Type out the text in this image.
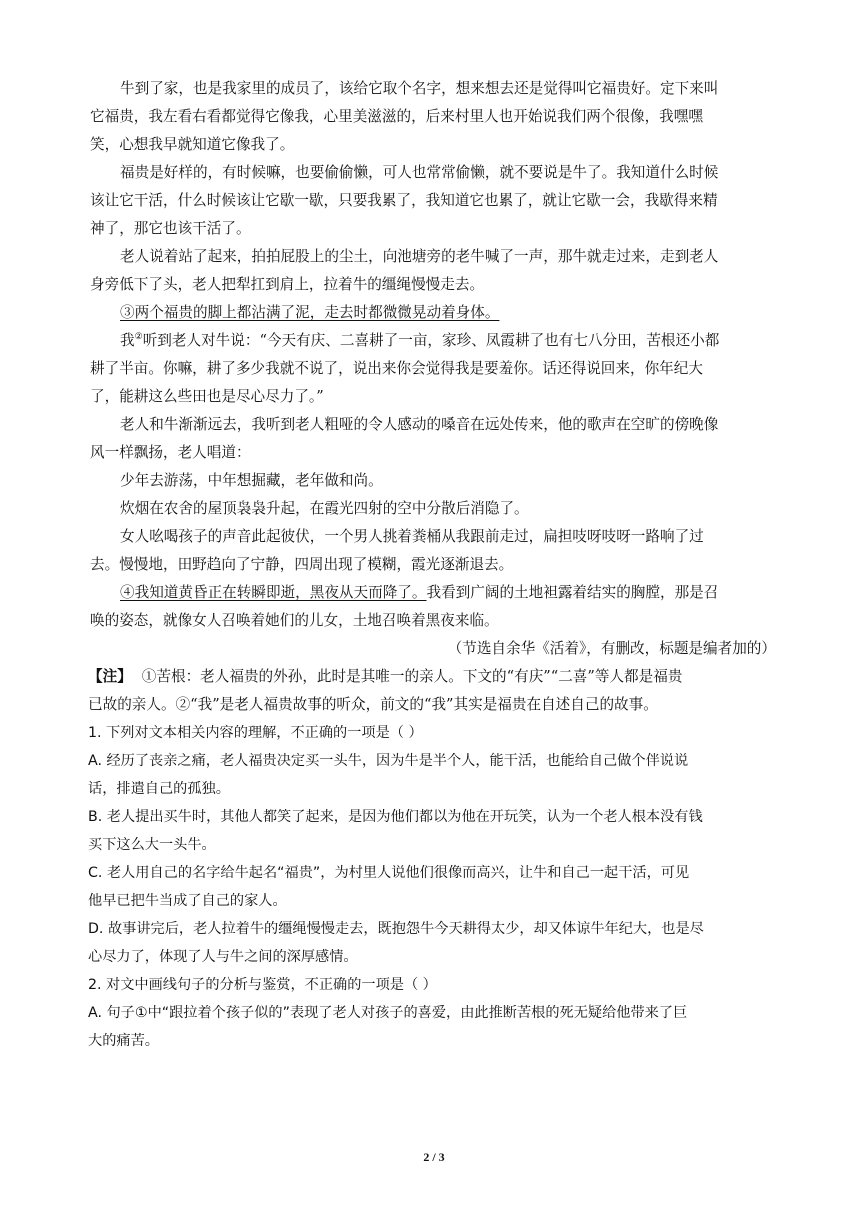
牛到了家，也是我家里的成员了，该给它取个名字，想来想去还是觉得叫它福贵好。定下来叫
它福贵，我左看右看都觉得它像我，心里美滋滋的，后来村里人也开始说我们两个很像，我嘿嘿
笑，心想我早就知道它像我了。
福贵是好样的，有时候嘛，也要偷偷懒，可人也常常偷懒，就不要说是牛了。我知道什么时候
该让它干活，什么时候该让它歇一歇，只要我累了，我知道它也累了，就让它歇一会，我歇得来精
神了，那它也该干活了。
老人说着站了起来，拍拍屁股上的尘土，向池塘旁的老牛喊了一声，那牛就走过来，走到老人
身旁低下了头，老人把犁扛到肩上，拉着牛的缰绳慢慢走去。
③两个福贵的脚上都沾满了泥，走去时都微微晃动着身体。
我②听到老人对牛说：“今天有庆、二喜耕了一亩，家珍、凤霞耕了也有七八分田，苦根还小都
耕了半亩。你嘛，耕了多少我就不说了，说出来你会觉得我是要羞你。话还得说回来，你年纪大
了，能耕这么些田也是尽心尽力了。”
老人和牛渐渐远去，我听到老人粗哑的令人感动的嗓音在远处传来，他的歌声在空旷的傍晚像
风一样飘扬，老人唱道：
少年去游荡，中年想掘藏，老年做和尚。
炊烟在农舍的屋顶袅袅升起，在霞光四射的空中分散后消隐了。
女人吆喝孩子的声音此起彼伏，一个男人挑着粪桶从我跟前走过，扁担吱呀吱呀一路响了过
去。慢慢地，田野趋向了宁静，四周出现了模糊，霞光逐渐退去。
④我知道黄昏正在转瞬即逝，黑夜从天而降了。我看到广阔的土地袒露着结实的胸膛，那是召
唤的姿态，就像女人召唤着她们的儿女，土地召唤着黑夜来临。
（节选自余华《活着》，有删改，标题是编者加的）
【注】 ①苦根：老人福贵的外孙，此时是其唯一的亲人。下文的“有庆”“二喜”等人都是福贵
已故的亲人。②“我”是老人福贵故事的听众，前文的“我”其实是福贵在自述自己的故事。
1. 下列对文本相关内容的理解，不正确的一项是（ ）
A. 经历了丧亲之痛，老人福贵决定买一头牛，因为牛是半个人，能干活，也能给自己做个伴说说
话，排遣自己的孤独。
B. 老人提出买牛时，其他人都笑了起来，是因为他们都以为他在开玩笑，认为一个老人根本没有钱
买下这么大一头牛。
C. 老人用自己的名字给牛起名“福贵”，为村里人说他们很像而高兴，让牛和自己一起干活，可见
他早已把牛当成了自己的家人。
D. 故事讲完后，老人拉着牛的缰绳慢慢走去，既抱怨牛今天耕得太少，却又体谅牛年纪大，也是尽
心尽力了，体现了人与牛之间的深厚感情。
2. 对文中画线句子的分析与鉴赏，不正确的一项是（ ）
A. 句子①中“跟拉着个孩子似的”表现了老人对孩子的喜爱，由此推断苦根的死无疑给他带来了巨
大的痛苦。
2 / 3
